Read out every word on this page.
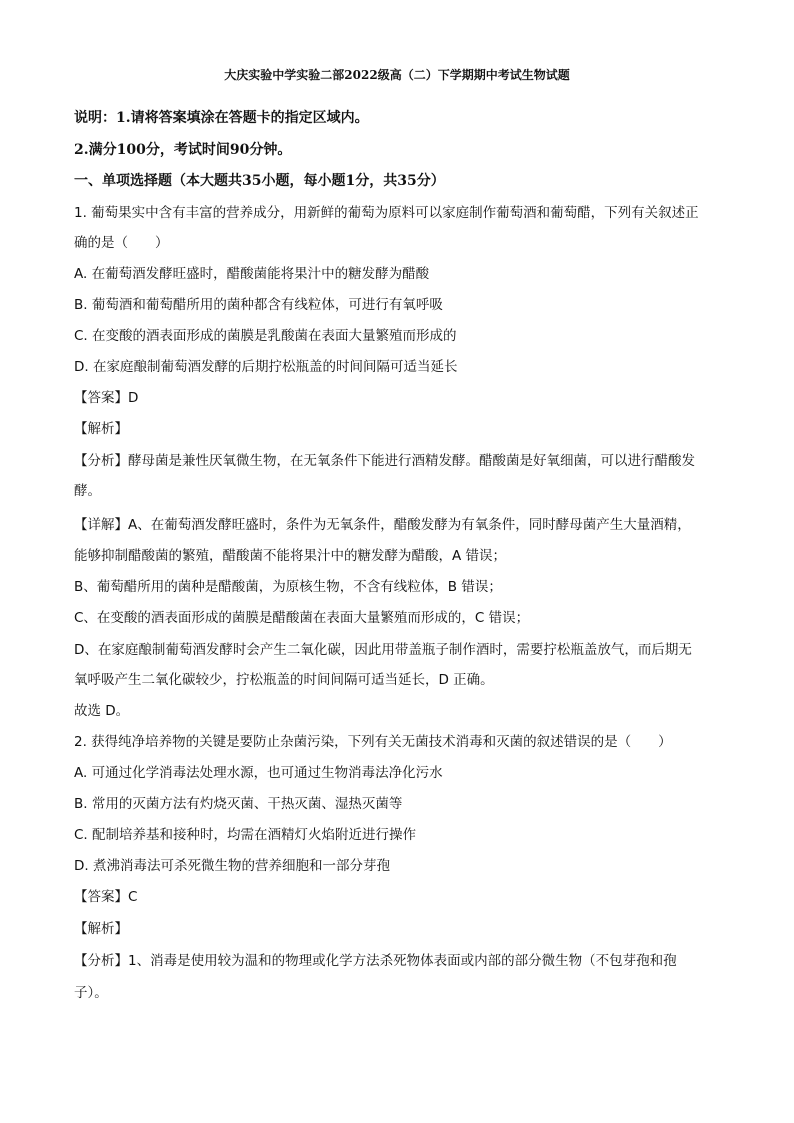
大庆实验中学实验二部2022级高（二）下学期期中考试生物试题
说明：1.请将答案填涂在答题卡的指定区域内。
2.满分100分，考试时间90分钟。
一、单项选择题（本大题共35小题，每小题1分，共35分）
1. 葡萄果实中含有丰富的营养成分，用新鲜的葡萄为原料可以家庭制作葡萄酒和葡萄醋，下列有关叙述正
确的是（　　）
A. 在葡萄酒发酵旺盛时，醋酸菌能将果汁中的糖发酵为醋酸
B. 葡萄酒和葡萄醋所用的菌种都含有线粒体，可进行有氧呼吸
C. 在变酸的酒表面形成的菌膜是乳酸菌在表面大量繁殖而形成的
D. 在家庭酿制葡萄酒发酵的后期拧松瓶盖的时间间隔可适当延长
【答案】D
【解析】
【分析】酵母菌是兼性厌氧微生物，在无氧条件下能进行酒精发酵。醋酸菌是好氧细菌，可以进行醋酸发
酵。
【详解】A、在葡萄酒发酵旺盛时，条件为无氧条件，醋酸发酵为有氧条件，同时酵母菌产生大量酒精，
能够抑制醋酸菌的繁殖，醋酸菌不能将果汁中的糖发酵为醋酸，A 错误；
B、葡萄醋所用的菌种是醋酸菌，为原核生物，不含有线粒体，B 错误；
C、在变酸的酒表面形成的菌膜是醋酸菌在表面大量繁殖而形成的，C 错误；
D、在家庭酿制葡萄酒发酵时会产生二氧化碳，因此用带盖瓶子制作酒时，需要拧松瓶盖放气，而后期无
氧呼吸产生二氧化碳较少，拧松瓶盖的时间间隔可适当延长，D 正确。
故选 D。
2. 获得纯净培养物的关键是要防止杂菌污染，下列有关无菌技术消毒和灭菌的叙述错误的是（　　）
A. 可通过化学消毒法处理水源，也可通过生物消毒法净化污水
B. 常用的灭菌方法有灼烧灭菌、干热灭菌、湿热灭菌等
C. 配制培养基和接种时，均需在酒精灯火焰附近进行操作
D. 煮沸消毒法可杀死微生物的营养细胞和一部分芽孢
【答案】C
【解析】
【分析】1、消毒是使用较为温和的物理或化学方法杀死物体表面或内部的部分微生物（不包芽孢和孢
子）。
